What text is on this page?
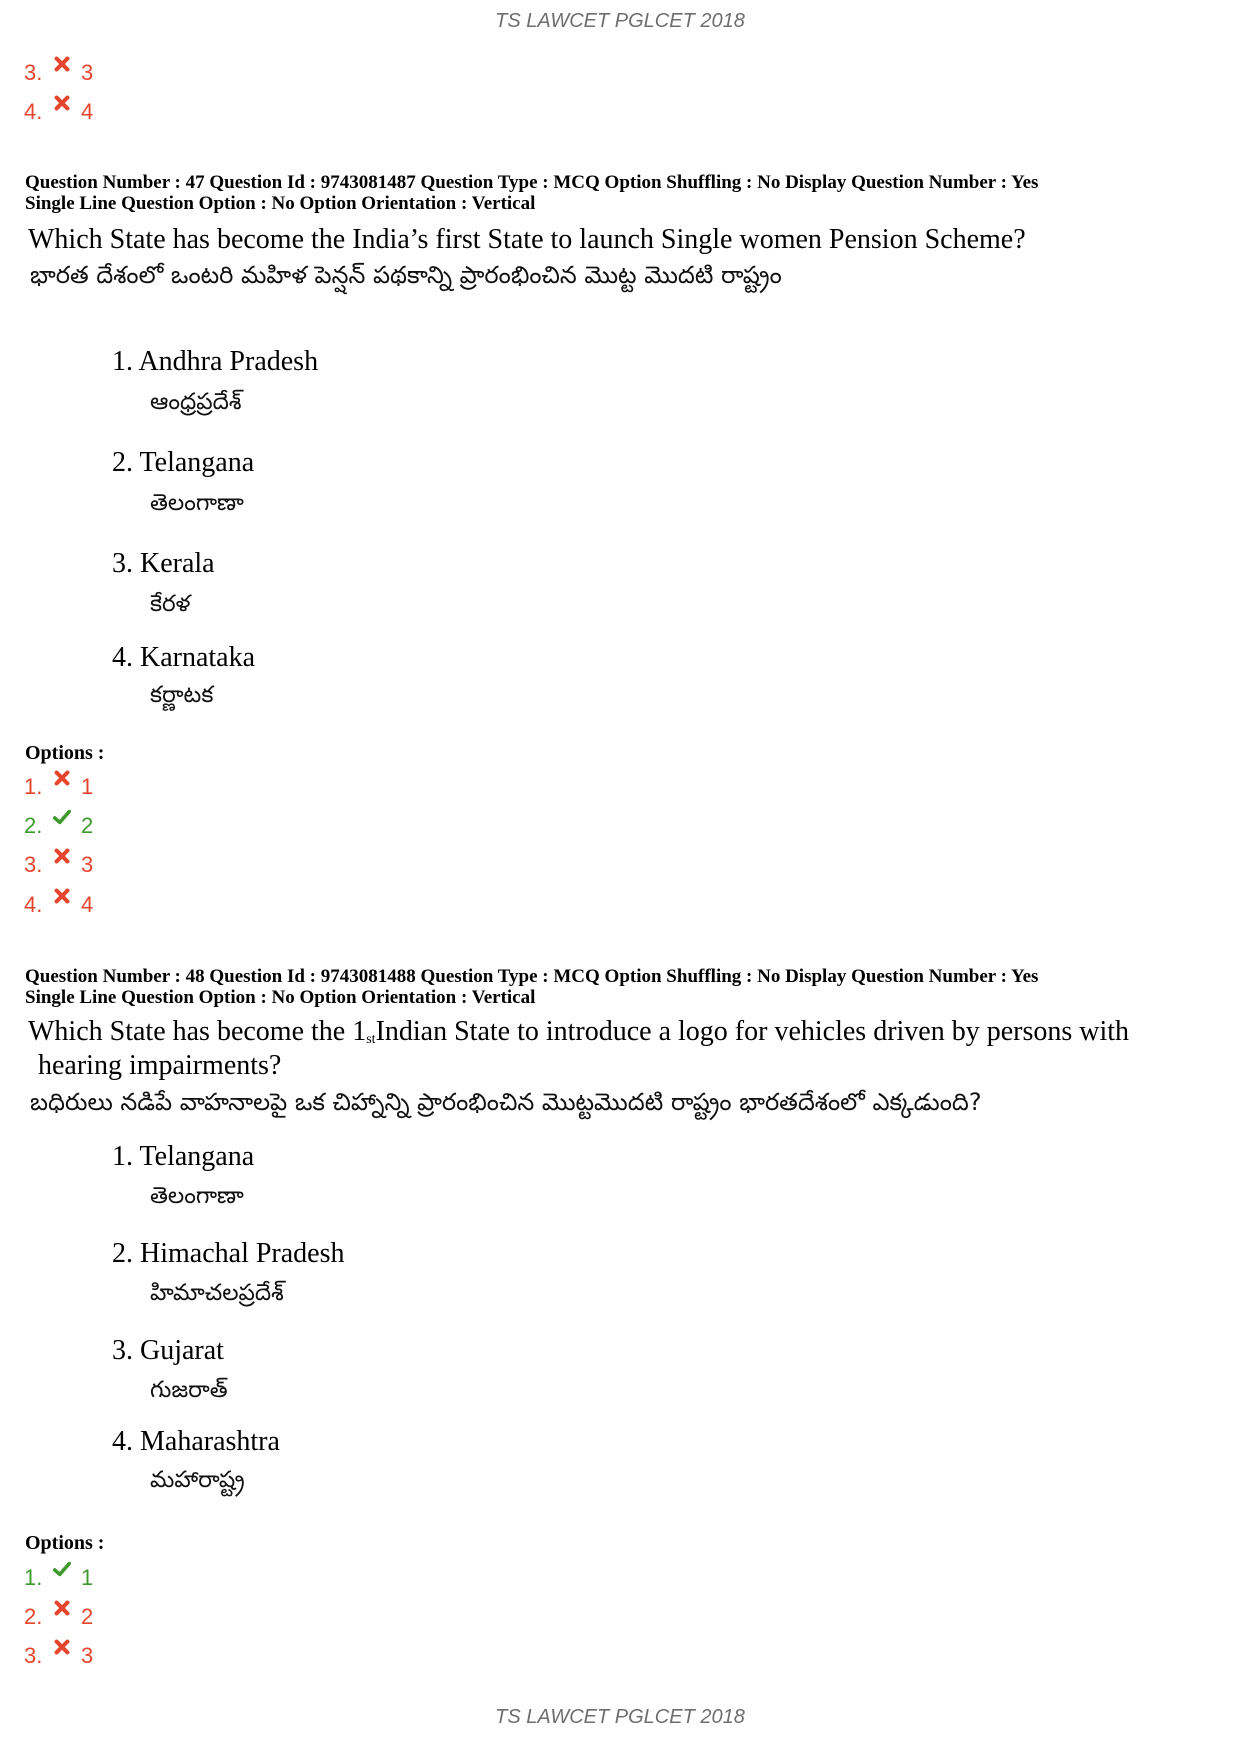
TS LAWCET PGLCET 2018
3. 3
4. 4
Question Number : 47 Question Id : 9743081487 Question Type : MCQ Option Shuffling : No Display Question Number : Yes
Single Line Question Option : No Option Orientation : Vertical
Which State has become the India’s first State to launch Single women Pension Scheme?
భారత దేశంలో ఒంటరి మహిళ పెన్షన్ పథకాన్ని ప్రారంభించిన మొట్ట మొదటి రాష్ట్రం
1. Andhra Pradesh
ఆంధ్రప్రదేశ్
2. Telangana
తెలంగాణా
3. Kerala
కేరళ
4. Karnataka
కర్ణాటక
Options :
1. 1
2. 2
3. 3
4. 4
Question Number : 48 Question Id : 9743081488 Question Type : MCQ Option Shuffling : No Display Question Number : Yes
Single Line Question Option : No Option Orientation : Vertical
Which State has become the $1_{st}Indian$ State to introduce a logo for vehicles driven by persons with
hearing impairments?
బధిరులు నడిపే వాహనాలపై ఒక చిహ్నాన్ని ప్రారంభించిన మొట్టమొదటి రాష్ట్రం భారతదేశంలో ఎక్కడుంది?
1. Telangana
తెలంగాణా
2. Himachal Pradesh
హిమాచలప్రదేశ్
3. Gujarat
గుజరాత్
4. Maharashtra
మహారాష్ట్ర
Options :
1. 1
2. 2
3. 3
TS LAWCET PGLCET 2018
